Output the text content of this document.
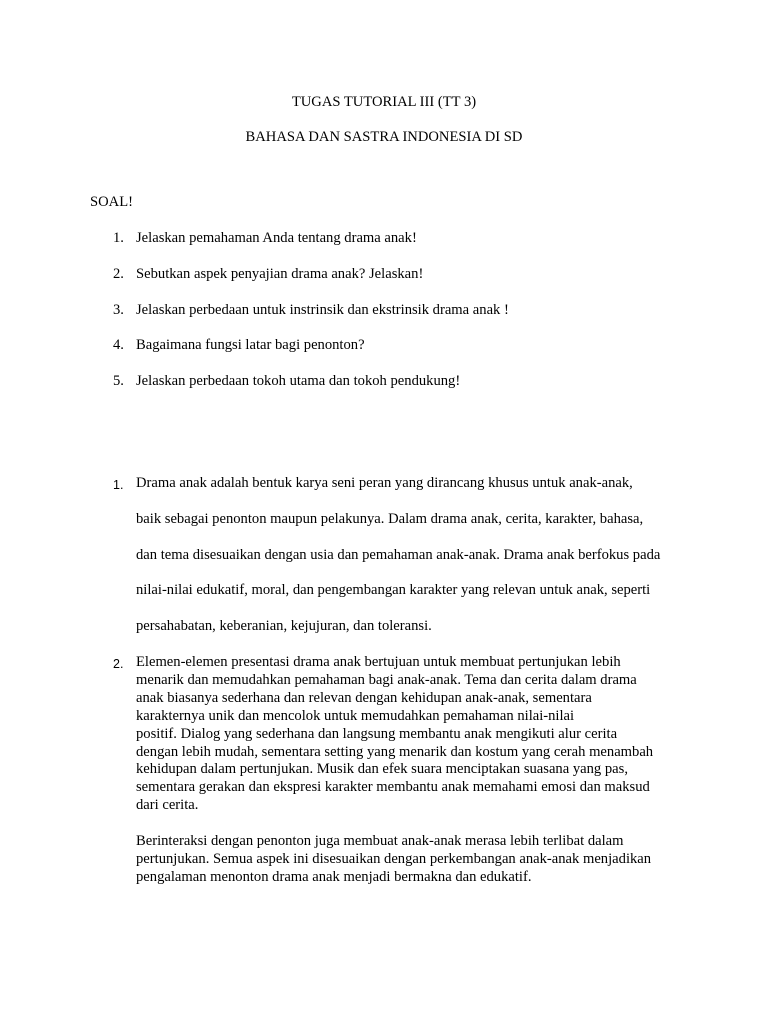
TUGAS TUTORIAL III (TT 3)
BAHASA DAN SASTRA INDONESIA DI SD
SOAL!
1. Jelaskan pemahaman Anda tentang drama anak!
2. Sebutkan aspek penyajian drama anak? Jelaskan!
3. Jelaskan perbedaan untuk instrinsik dan ekstrinsik drama anak !
4. Bagaimana fungsi latar bagi penonton?
5. Jelaskan perbedaan tokoh utama dan tokoh pendukung!
1. Drama anak adalah bentuk karya seni peran yang dirancang khusus untuk anak-anak,
baik sebagai penonton maupun pelakunya. Dalam drama anak, cerita, karakter, bahasa,
dan tema disesuaikan dengan usia dan pemahaman anak-anak. Drama anak berfokus pada
nilai-nilai edukatif, moral, dan pengembangan karakter yang relevan untuk anak, seperti
persahabatan, keberanian, kejujuran, dan toleransi.
2. Elemen-elemen presentasi drama anak bertujuan untuk membuat pertunjukan lebih
menarik dan memudahkan pemahaman bagi anak-anak. Tema dan cerita dalam drama
anak biasanya sederhana dan relevan dengan kehidupan anak-anak, sementara
karakternya unik dan mencolok untuk memudahkan pemahaman nilai-nilai
positif. Dialog yang sederhana dan langsung membantu anak mengikuti alur cerita
dengan lebih mudah, sementara setting yang menarik dan kostum yang cerah menambah
kehidupan dalam pertunjukan. Musik dan efek suara menciptakan suasana yang pas,
sementara gerakan dan ekspresi karakter membantu anak memahami emosi dan maksud
dari cerita.
Berinteraksi dengan penonton juga membuat anak-anak merasa lebih terlibat dalam
pertunjukan. Semua aspek ini disesuaikan dengan perkembangan anak-anak menjadikan
pengalaman menonton drama anak menjadi bermakna dan edukatif.
